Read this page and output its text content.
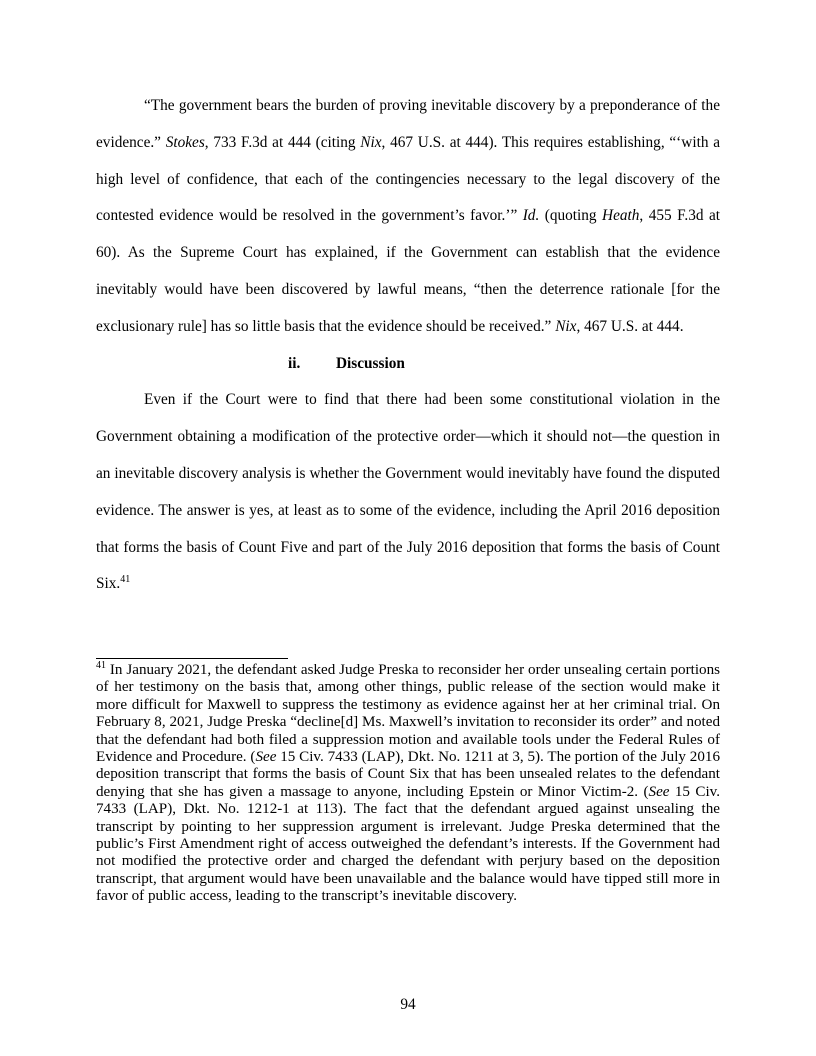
“The government bears the burden of proving inevitable discovery by a preponderance of the evidence.” Stokes, 733 F.3d at 444 (citing Nix, 467 U.S. at 444). This requires establishing, “‘with a high level of confidence, that each of the contingencies necessary to the legal discovery of the contested evidence would be resolved in the government’s favor.’” Id. (quoting Heath, 455 F.3d at 60). As the Supreme Court has explained, if the Government can establish that the evidence inevitably would have been discovered by lawful means, “then the deterrence rationale [for the exclusionary rule] has so little basis that the evidence should be received.” Nix, 467 U.S. at 444.

ii. Discussion

Even if the Court were to find that there had been some constitutional violation in the Government obtaining a modification of the protective order—which it should not—the question in an inevitable discovery analysis is whether the Government would inevitably have found the disputed evidence. The answer is yes, at least as to some of the evidence, including the April 2016 deposition that forms the basis of Count Five and part of the July 2016 deposition that forms the basis of Count Six.$^{41}$

$^{41}$ In January 2021, the defendant asked Judge Preska to reconsider her order unsealing certain portions of her testimony on the basis that, among other things, public release of the section would make it more difficult for Maxwell to suppress the testimony as evidence against her at her criminal trial. On February 8, 2021, Judge Preska “decline[d] Ms. Maxwell’s invitation to reconsider its order” and noted that the defendant had both filed a suppression motion and available tools under the Federal Rules of Evidence and Procedure. (See 15 Civ. 7433 (LAP), Dkt. No. 1211 at 3, 5). The portion of the July 2016 deposition transcript that forms the basis of Count Six that has been unsealed relates to the defendant denying that she has given a massage to anyone, including Epstein or Minor Victim-2. (See 15 Civ. 7433 (LAP), Dkt. No. 1212-1 at 113). The fact that the defendant argued against unsealing the transcript by pointing to her suppression argument is irrelevant. Judge Preska determined that the public’s First Amendment right of access outweighed the defendant’s interests. If the Government had not modified the protective order and charged the defendant with perjury based on the deposition transcript, that argument would have been unavailable and the balance would have tipped still more in favor of public access, leading to the transcript’s inevitable discovery.

94
